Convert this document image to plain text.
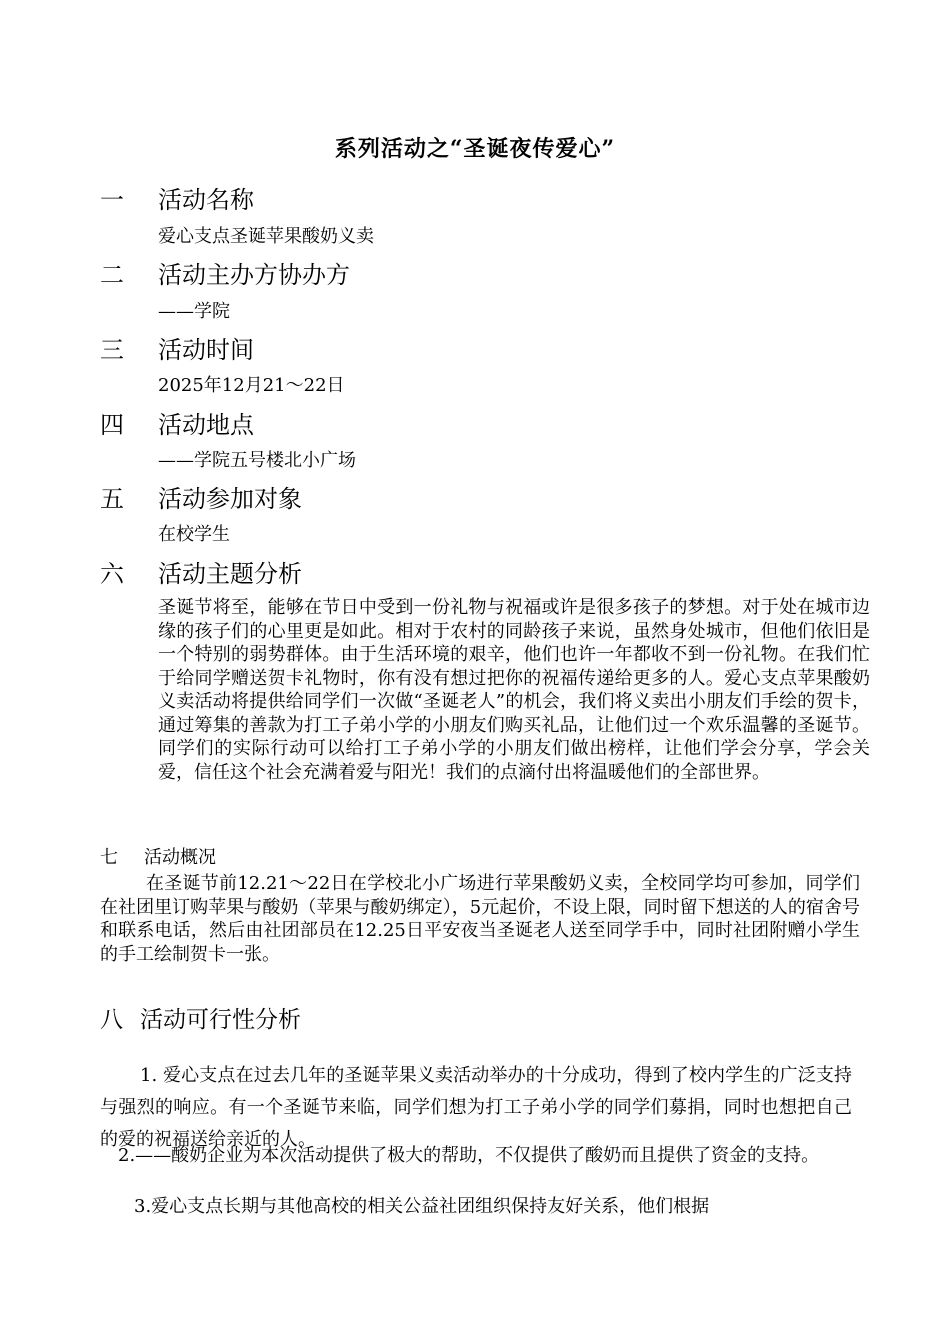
系列活动之“圣诞夜传爱心”
一 活动名称
爱心支点圣诞苹果酸奶义卖
二 活动主办方协办方
——学院
三 活动时间
2025年12月21～22日
四 活动地点
——学院五号楼北小广场
五 活动参加对象
在校学生
六 活动主题分析
圣诞节将至，能够在节日中受到一份礼物与祝福或许是很多孩子的梦想。对于处在城市边缘的孩子们的心里更是如此。相对于农村的同龄孩子来说，虽然身处城市，但他们依旧是一个特别的弱势群体。由于生活环境的艰辛，他们也许一年都收不到一份礼物。在我们忙于给同学赠送贺卡礼物时，你有没有想过把你的祝福传递给更多的人。爱心支点苹果酸奶义卖活动将提供给同学们一次做“圣诞老人”的机会，我们将义卖出小朋友们手绘的贺卡，通过筹集的善款为打工子弟小学的小朋友们购买礼品，让他们过一个欢乐温馨的圣诞节。同学们的实际行动可以给打工子弟小学的小朋友们做出榜样，让他们学会分享，学会关爱，信任这个社会充满着爱与阳光！我们的点滴付出将温暖他们的全部世界。
七 活动概况
在圣诞节前12.21～22日在学校北小广场进行苹果酸奶义卖，全校同学均可参加，同学们在社团里订购苹果与酸奶（苹果与酸奶绑定），5元起价，不设上限，同时留下想送的人的宿舍号和联系电话，然后由社团部员在12.25日平安夜当圣诞老人送至同学手中，同时社团附赠小学生的手工绘制贺卡一张。
八 活动可行性分析
1. 爱心支点在过去几年的圣诞苹果义卖活动举办的十分成功，得到了校内学生的广泛支持与强烈的响应。有一个圣诞节来临，同学们想为打工子弟小学的同学们募捐，同时也想把自己的爱的祝福送给亲近的人。
2.——酸奶企业为本次活动提供了极大的帮助，不仅提供了酸奶而且提供了资金的支持。
3.爱心支点长期与其他高校的相关公益社团组织保持友好关系，他们根据
